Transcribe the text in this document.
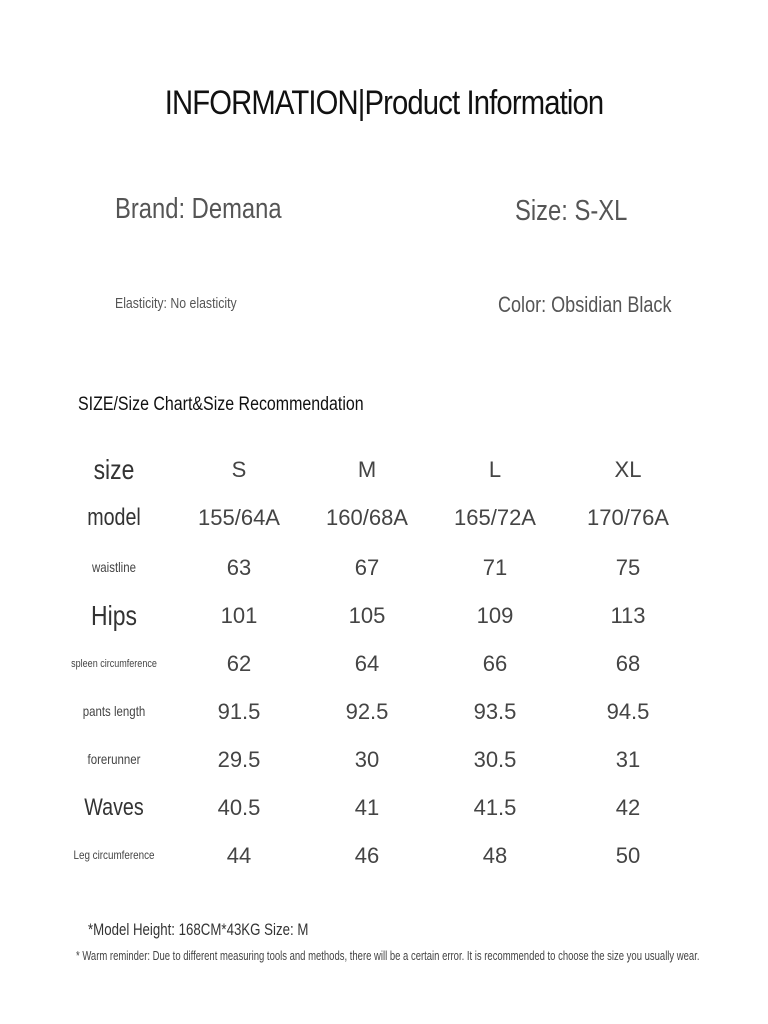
INFORMATION|Product Information
Brand: Demana	Size: S-XL
Elasticity: No elasticity	Color: Obsidian Black
SIZE/Size Chart&Size Recommendation
size	S	M	L	XL
model	155/64A	160/68A	165/72A	170/76A
waistline	63	67	71	75
Hips	101	105	109	113
spleen circumference	62	64	66	68
pants length	91.5	92.5	93.5	94.5
forerunner	29.5	30	30.5	31
Waves	40.5	41	41.5	42
Leg circumference	44	46	48	50
*Model Height: 168CM*43KG Size: M
* Warm reminder: Due to different measuring tools and methods, there will be a certain error. It is recommended to choose the size you usually wear.
